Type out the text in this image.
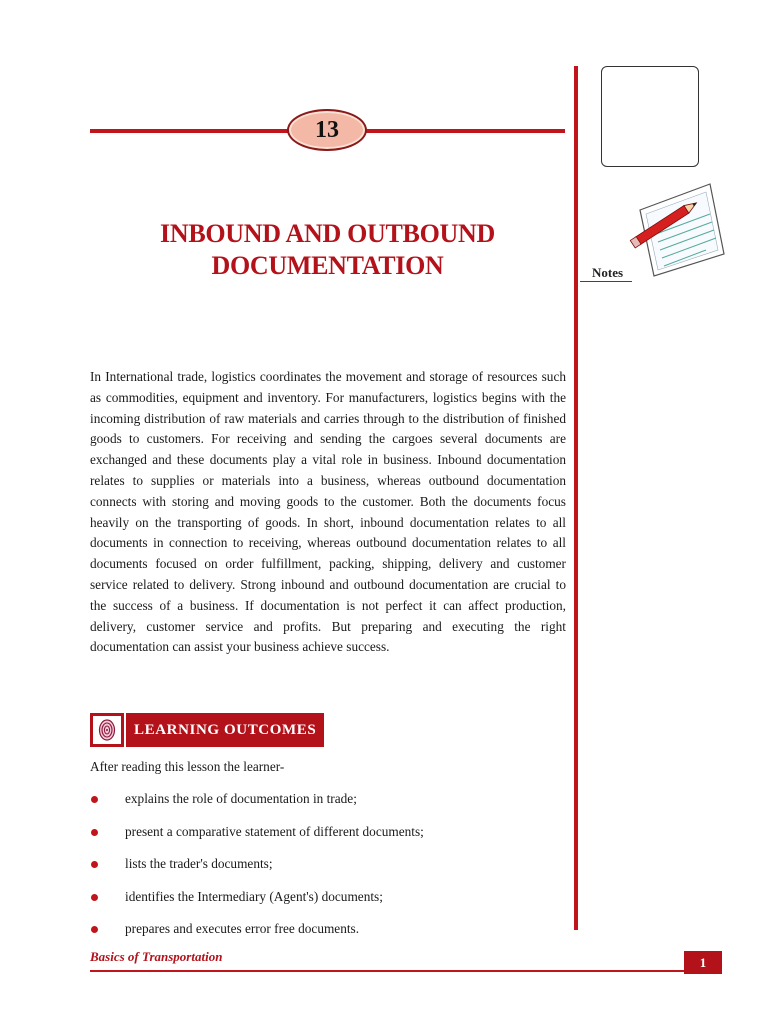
13
INBOUND AND OUTBOUND
DOCUMENTATION	Notes

In International trade, logistics coordinates the movement and storage of resources such as commodities, equipment and inventory. For manufacturers, logistics begins with the incoming distribution of raw materials and carries through to the distribution of finished goods to customers. For receiving and sending the cargoes several documents are exchanged and these documents play a vital role in business. Inbound documentation relates to supplies or materials into a business, whereas outbound documentation connects with storing and moving goods to the customer. Both the documents focus heavily on the transporting of goods. In short, inbound documentation relates to all documents in connection to receiving, whereas outbound documentation relates to all documents focused on order fulfillment, packing, shipping, delivery and customer service related to delivery. Strong inbound and outbound documentation are crucial to the success of a business. If documentation is not perfect it can affect production, delivery, customer service and profits. But preparing and executing the right documentation can assist your business achieve success.

LEARNING OUTCOMES
After reading this lesson the learner-
explains the role of documentation in trade;
present a comparative statement of different documents;
lists the trader's documents;
identifies the Intermediary (Agent's) documents;
prepares and executes error free documents.
Basics of Transportation	1
